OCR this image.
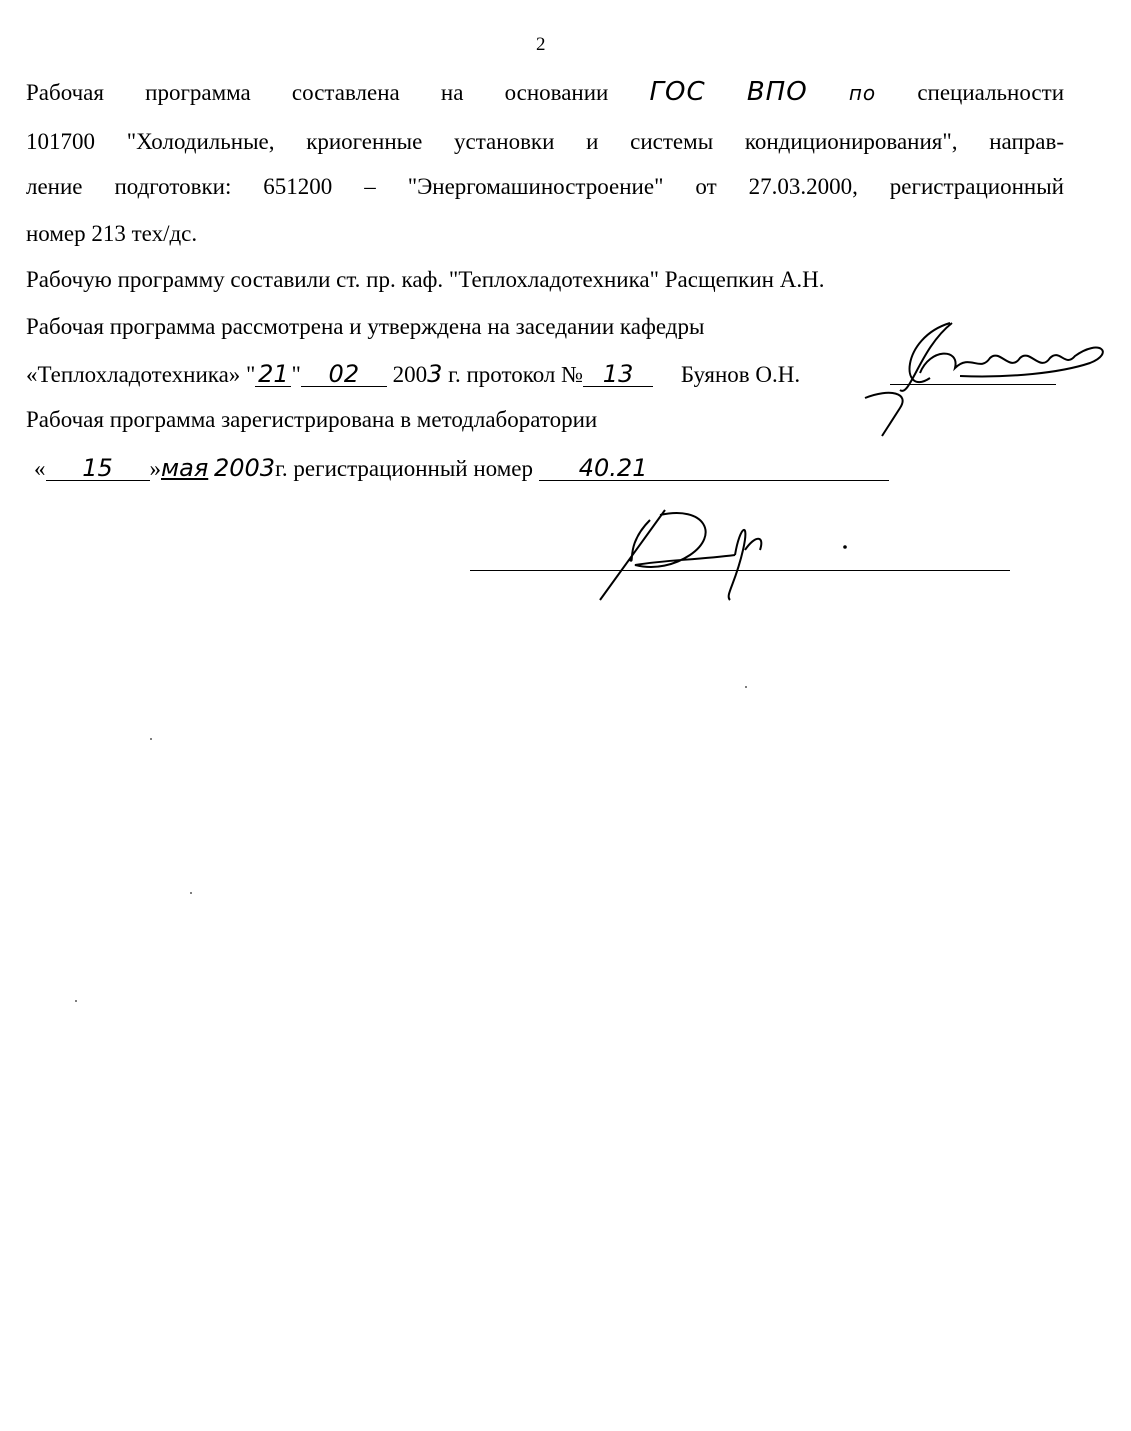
2
Рабочая программа составлена на основании ГОС ВПО по специальности
101700 "Холодильные, криогенные установки и системы кондиционирования", направ-
ление подготовки: 651200 – "Энергомашиностроение" от 27.03.2000, регистрационный
номер 213 тех/дс.
Рабочую программу составили ст. пр. каф. "Теплохладотехника" Расщепкин А.Н.
Рабочая программа рассмотрена и утверждена на заседании кафедры
«Теплохладотехника» " 21 " 02 2003 г. протокол № 13 Буянов О.Н.
Рабочая программа зарегистрирована в методлаборатории
« 15 »мая 2003г. регистрационный номер 40.21
